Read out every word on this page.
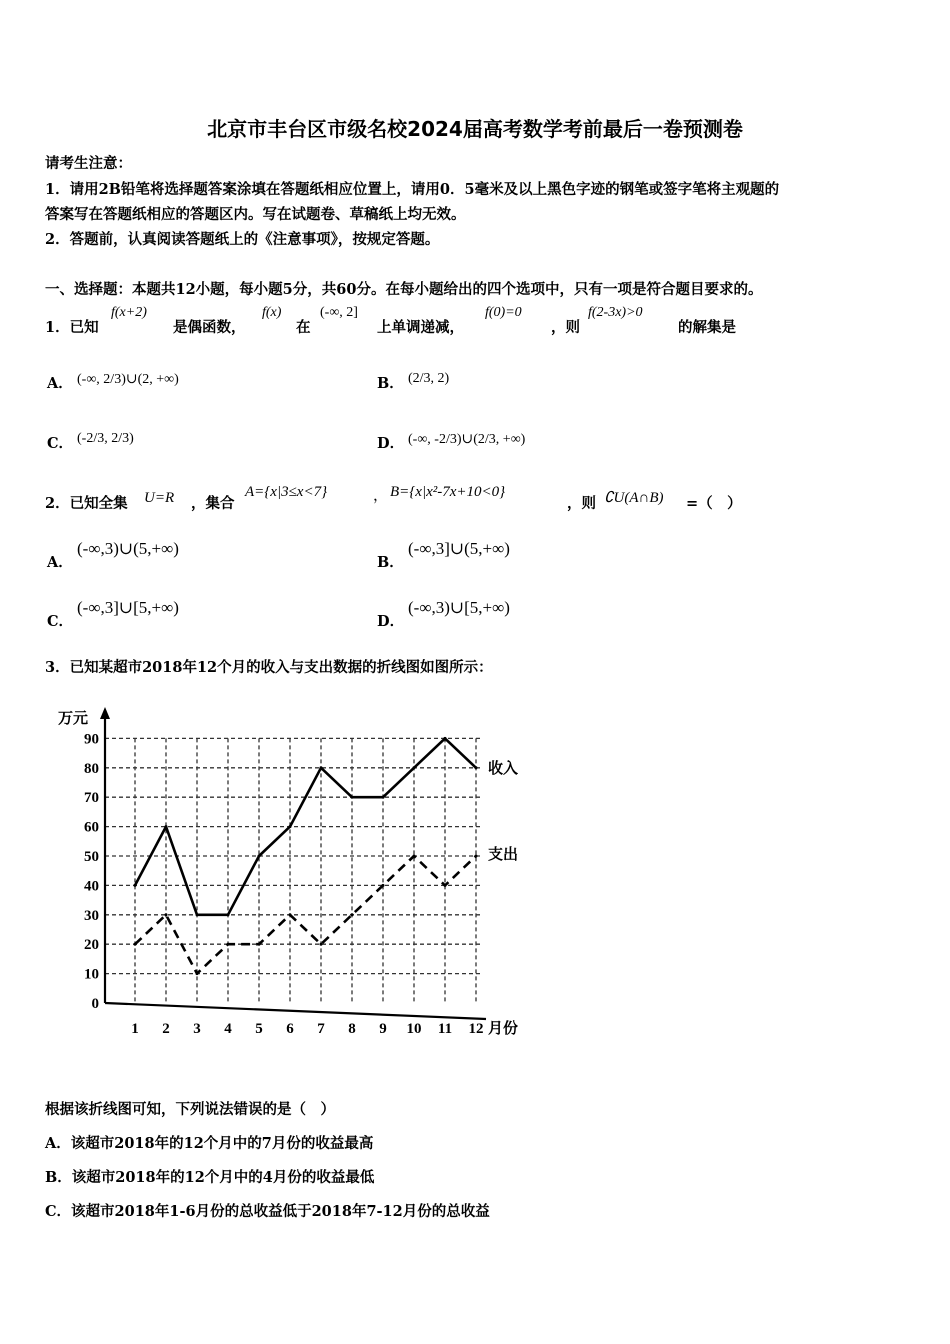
北京市丰台区市级名校2024届高考数学考前最后一卷预测卷
请考生注意：
1．请用2B铅笔将选择题答案涂填在答题纸相应位置上，请用0．5毫米及以上黑色字迹的钢笔或签字笔将主观题的
答案写在答题纸相应的答题区内。写在试题卷、草稿纸上均无效。
2．答题前，认真阅读答题纸上的《注意事项》，按规定答题。
一、选择题：本题共12小题，每小题5分，共60分。在每小题给出的四个选项中，只有一项是符合题目要求的。
1．已知
f(x+2)
是偶函数，
f(x)
在
(-∞, 2]
上单调递减，
f(0)=0
，则
f(2-3x)>0
的解集是
A． (-∞, 2/3)∪(2, +∞)	B． (2/3, 2)
C． (-2/3, 2/3)	D． (-∞, -2/3)∪(2/3, +∞)
2．已知全集 U=R ，集合
A={x|3≤x<7}	， B={x|x²-7x+10<0}
，则 ∁U(A∩B) =（　）
A．
(-∞,3)∪(5,+∞)
B．
(-∞,3]∪(5,+∞)
C．
(-∞,3]∪[5,+∞)
D．
(-∞,3)∪[5,+∞)
3．已知某超市2018年12个月的收入与支出数据的折线图如图所示：
0
10
20
30
40
50
60
70
80
90
1 2 3 4 5 6 7 8 9 10 11 12
万元
月份
收入
支出
根据该折线图可知，下列说法错误的是（　）
A．该超市2018年的12个月中的7月份的收益最高
B．该超市2018年的12个月中的4月份的收益最低
C．该超市2018年1-6月份的总收益低于2018年7-12月份的总收益
